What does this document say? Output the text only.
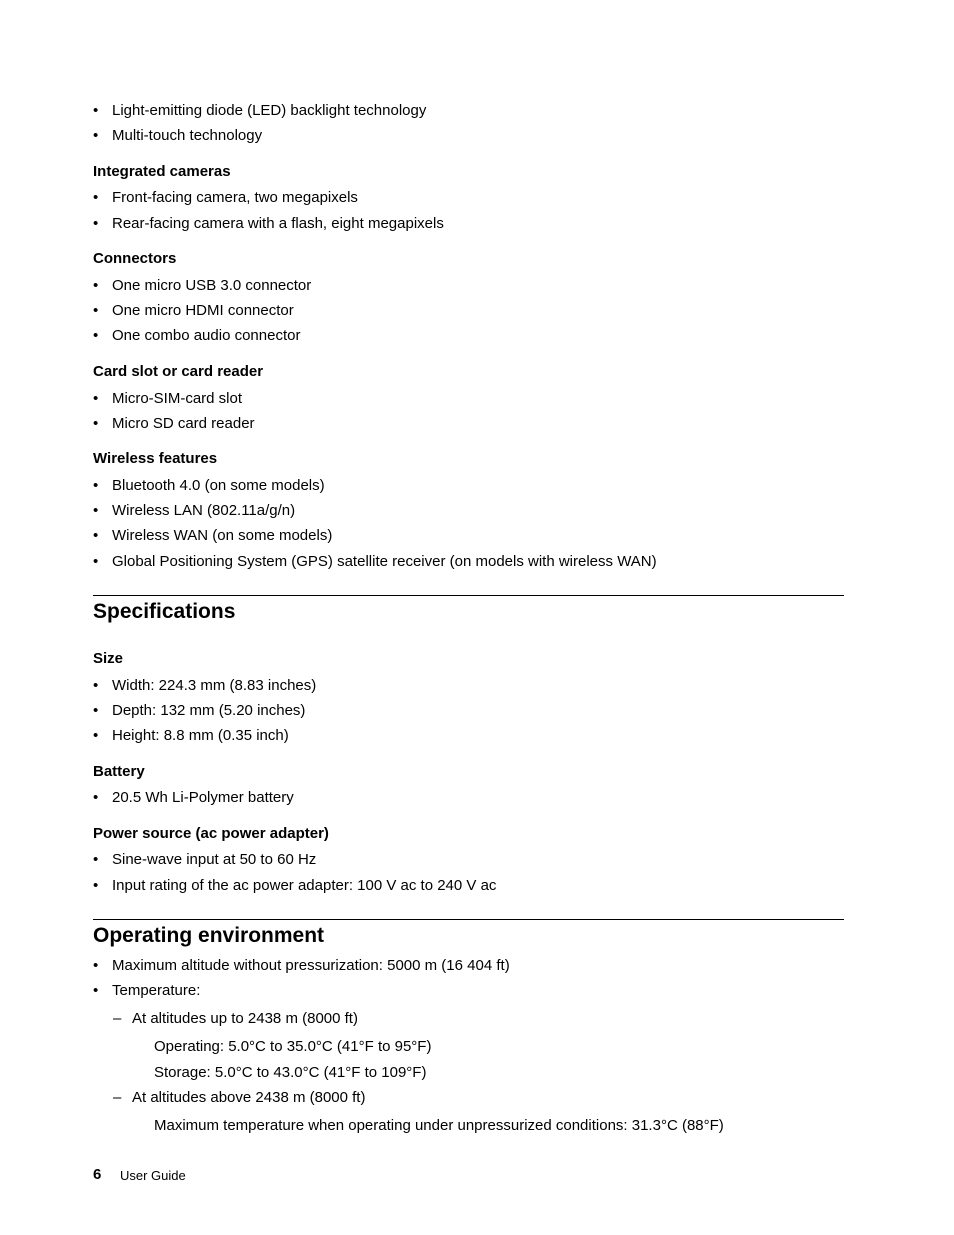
• Light-emitting diode (LED) backlight technology
• Multi-touch technology
Integrated cameras
• Front-facing camera, two megapixels
• Rear-facing camera with a flash, eight megapixels
Connectors
• One micro USB 3.0 connector
• One micro HDMI connector
• One combo audio connector
Card slot or card reader
• Micro-SIM-card slot
• Micro SD card reader
Wireless features
• Bluetooth 4.0 (on some models)
• Wireless LAN (802.11a/g/n)
• Wireless WAN (on some models)
• Global Positioning System (GPS) satellite receiver (on models with wireless WAN)
Specifications
Size
• Width: 224.3 mm (8.83 inches)
• Depth: 132 mm (5.20 inches)
• Height: 8.8 mm (0.35 inch)
Battery
• 20.5 Wh Li-Polymer battery
Power source (ac power adapter)
• Sine-wave input at 50 to 60 Hz
• Input rating of the ac power adapter: 100 V ac to 240 V ac
Operating environment
• Maximum altitude without pressurization: 5000 m (16 404 ft)
• Temperature:
– At altitudes up to 2438 m (8000 ft)
Operating: 5.0°C to 35.0°C (41°F to 95°F)
Storage: 5.0°C to 43.0°C (41°F to 109°F)
– At altitudes above 2438 m (8000 ft)
Maximum temperature when operating under unpressurized conditions: 31.3°C (88°F)
6 User Guide
